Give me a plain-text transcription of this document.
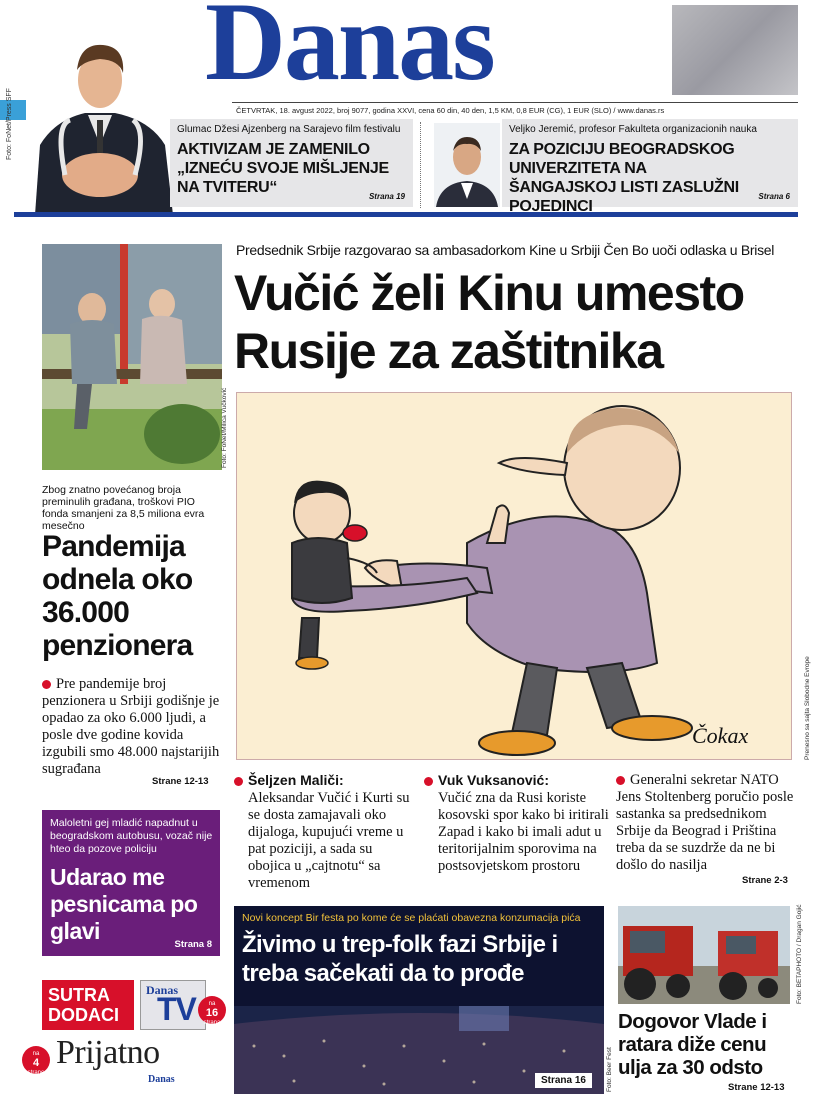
Danas
ČETVRTAK, 18. avgust 2022, broj 9077, godina XXVI, cena 60 din, 40 den, 1,5 KM, 0,8 EUR (CG), 1 EUR (SLO) / www.danas.rs
Foto: FoNet/Press SFF	Glumac Džesi Ajzenberg na Sarajevo film festivalu
AKTIVIZAM JE ZAMENILO „IZNEĆU SVOJE MIŠLJENJE NA TVITERU“
Strana 19
Veljko Jeremić, profesor Fakulteta organizacionih nauka
ZA POZICIJU BEOGRADSKOG UNIVERZITETA NA ŠANGAJSKOJ LISTI ZASLUŽNI POJEDINCI
Strana 6
Predsednik Srbije razgovarao sa ambasadorkom Kine u Srbiji Čen Bo uoči odlaska u Brisel
Vučić želi Kinu umesto
Rusije za zaštitnika
Čokax	Prenesno sa sajta Slobodne Evrope
Foto: FoNet/Milica Vučković
Zbog znatno povećanog broja preminulih građana, troškovi PIO fonda smanjeni za 8,5 miliona evra mesečno
Pandemija odnela oko 36.000 penzionera
Pre pandemije broj penzionera u Srbiji godišnje je opadao za oko 6.000 ljudi, a posle dve godine kovida izgubili smo 48.000 najstarijih sugrađana
Strane 12-13
Maloletni gej mladić napadnut u beogradskom autobusu, vozač nije hteo da pozove policiju
Udarao me pesnicama po glavi
Strana 8
SUTRA DODACI
Danas
TV	na
16
strana
na
4
strane
Prijatno
Danas
Šeljzen Maliči:
Aleksandar Vučić i Kurti su se dosta zamajavali oko dijaloga, kupujući vreme u pat poziciji, a sada su obojica u „cajtnotu“ sa vremenom
Vuk Vuksanović:
Vučić zna da Rusi koriste kosovski spor kako bi iritirali Zapad i kako bi imali adut u teritorijalnim sporovima na postsovjetskom prostoru
Generalni sekretar NATO Jens Stoltenberg poručio posle sastanka sa predsednikom Srbije da Beograd i Priština treba da se suzdrže da ne bi došlo do nasilja
Strane 2-3
Novi koncept Bir festa po kome će se plaćati obavezna konzumacija pića
Živimo u trep-folk fazi Srbije i treba sačekati da to prođe
Strana 16	Foto: Beer Fest
Foto: BETAPHOTO / Dragan Gojić
Dogovor Vlade i ratara diže cenu ulja za 30 odsto
Strane 12-13
